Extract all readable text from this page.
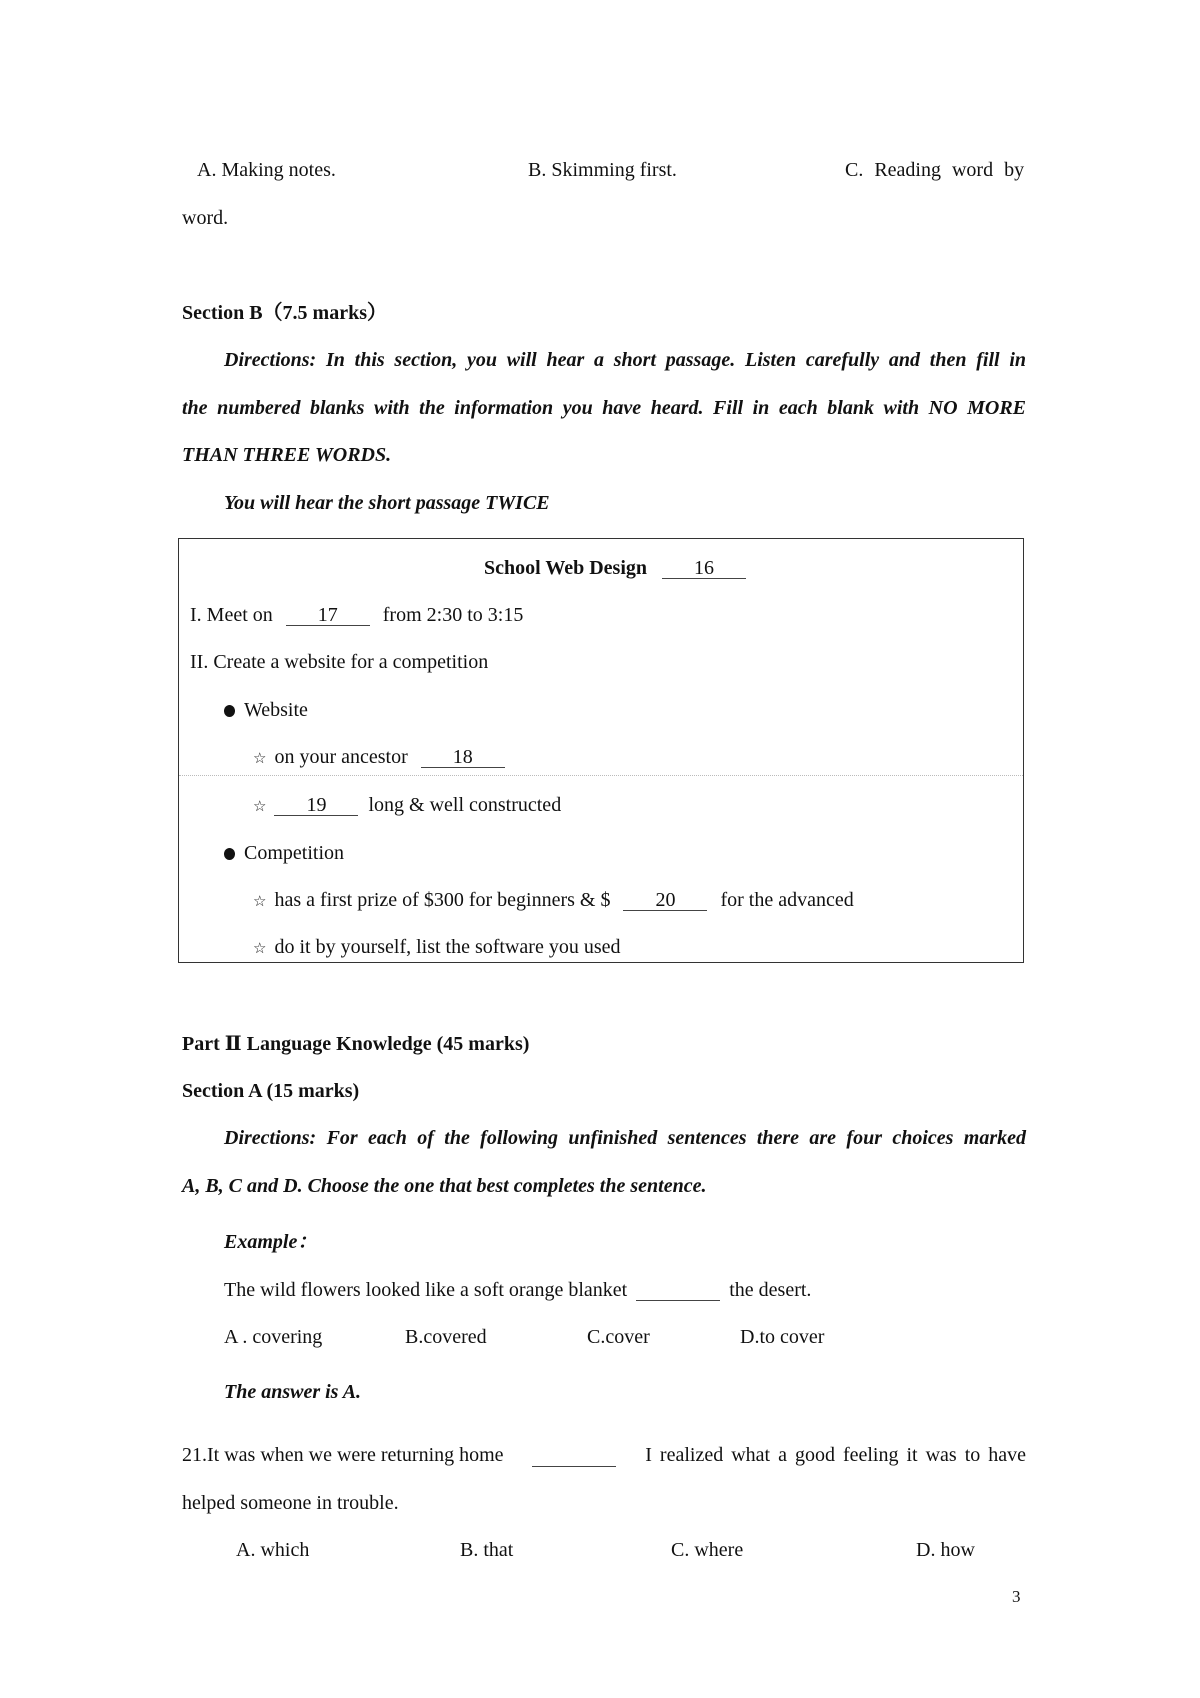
A. Making notes.	B. Skimming first.	C. Reading word by
word.
Section B（7.5 marks）
Directions: In this section, you will hear a short passage. Listen carefully and then fill in
the numbered blanks with the information you have heard. Fill in each blank with NO MORE
THAN THREE WORDS.
You will hear the short passage TWICE
School Web Design 16
I. Meet on 17 from 2:30 to 3:15
II. Create a website for a competition
Website
☆ on your ancestor 18
☆ 19 long & well constructed
Competition
☆ has a first prize of $300 for beginners & $ 20 for the advanced
☆ do it by yourself, list the software you used
Part Ⅱ Language Knowledge (45 marks)
Section A (15 marks)
Directions: For each of the following unfinished sentences there are four choices marked
A, B, C and D. Choose the one that best completes the sentence.
Example：
The wild flowers looked like a soft orange blanket	the desert.
A . covering	B.covered	C.cover	D.to cover
The answer is A.
21.It was when we were returning home
	I realized what a good feeling it was to have
helped someone in trouble.
A. which	B. that	C. where	D. how
3
